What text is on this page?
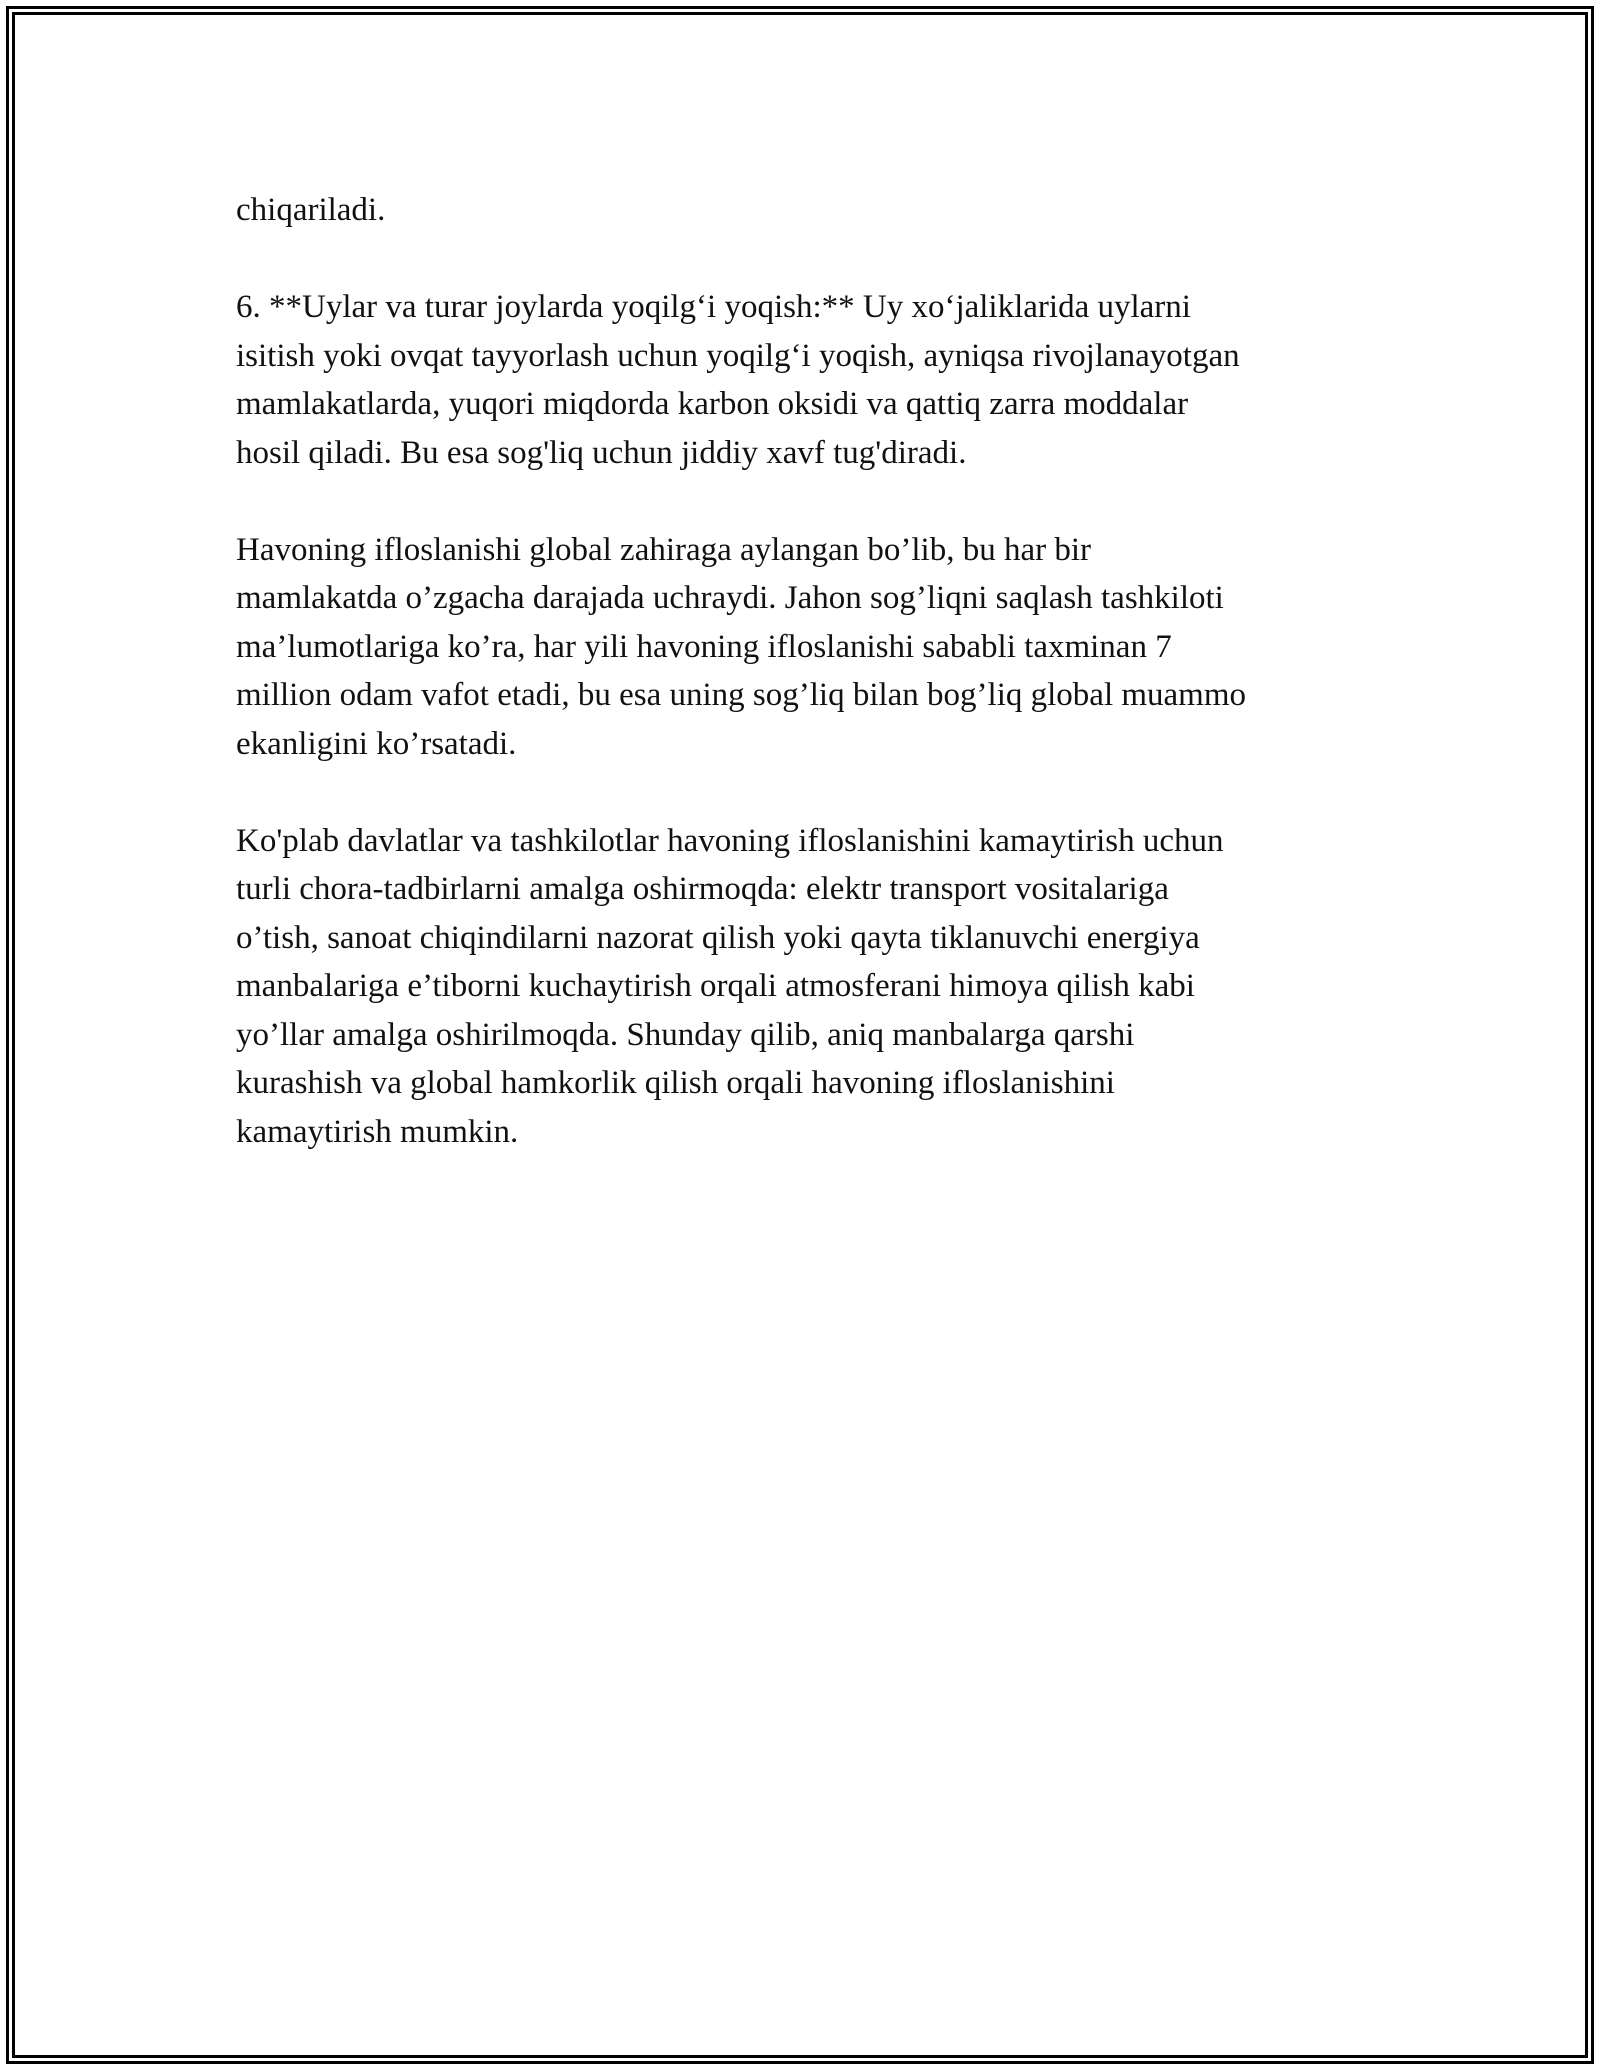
chiqariladi.

6. **Uylar va turar joylarda yoqilg‘i yoqish:** Uy xo‘jaliklarida uylarni
isitish yoki ovqat tayyorlash uchun yoqilg‘i yoqish, ayniqsa rivojlanayotgan
mamlakatlarda, yuqori miqdorda karbon oksidi va qattiq zarra moddalar
hosil qiladi. Bu esa sog'liq uchun jiddiy xavf tug'diradi.

Havoning ifloslanishi global zahiraga aylangan bo’lib, bu har bir
mamlakatda o’zgacha darajada uchraydi. Jahon sog’liqni saqlash tashkiloti
ma’lumotlariga ko’ra, har yili havoning ifloslanishi sababli taxminan 7
million odam vafot etadi, bu esa uning sog’liq bilan bog’liq global muammo
ekanligini ko’rsatadi.

Ko'plab davlatlar va tashkilotlar havoning ifloslanishini kamaytirish uchun
turli chora-tadbirlarni amalga oshirmoqda: elektr transport vositalariga
o’tish, sanoat chiqindilarni nazorat qilish yoki qayta tiklanuvchi energiya
manbalariga e’tiborni kuchaytirish orqali atmosferani himoya qilish kabi
yo’llar amalga oshirilmoqda. Shunday qilib, aniq manbalarga qarshi
kurashish va global hamkorlik qilish orqali havoning ifloslanishini
kamaytirish mumkin.
